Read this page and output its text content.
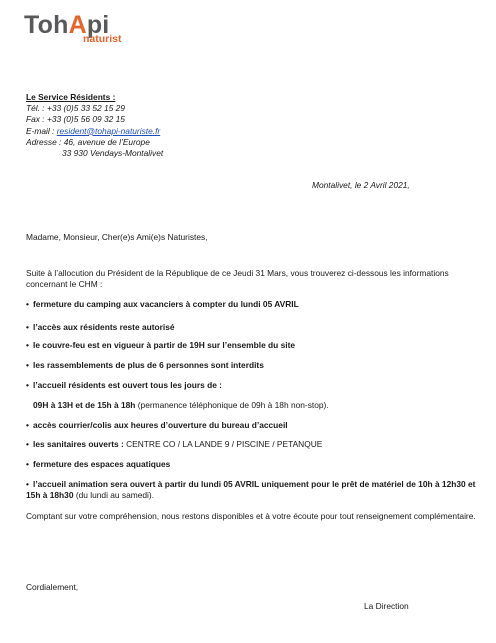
TohApi
naturist
Le Service Résidents :
Tél. : +33 (0)5 33 52 15 29
Fax : +33 (0)5 56 09 32 15
E-mail : resident@tohapi-naturiste.fr
Adresse : 46, avenue de l’Europe
33 930 Vendays-Montalivet
Montalivet, le 2 Avril 2021,
Madame, Monsieur, Cher(e)s Ami(e)s Naturistes,
Suite à l’allocution du Président de la République de ce Jeudi 31 Mars, vous trouverez ci-dessous les informations concernant le CHM :
• fermeture du camping aux vacanciers à compter du lundi 05 AVRIL
• l’accès aux résidents reste autorisé
• le couvre-feu est en vigueur à partir de 19H sur l’ensemble du site
• les rassemblements de plus de 6 personnes sont interdits
• l’accueil résidents est ouvert tous les jours de :
09H à 13H et de 15h à 18h (permanence téléphonique de 09h à 18h non-stop).
• accès courrier/colis aux heures d’ouverture du bureau d’accueil
• les sanitaires ouverts : CENTRE CO / LA LANDE 9 / PISCINE / PETANQUE
• fermeture des espaces aquatiques
• l’accueil animation sera ouvert à partir du lundi 05 AVRIL uniquement pour le prêt de matériel de 10h à 12h30 et
15h à 18h30 (du lundi au samedi).
Comptant sur votre compréhension, nous restons disponibles et à votre écoute pour tout renseignement complémentaire.
Cordialement,
La Direction
